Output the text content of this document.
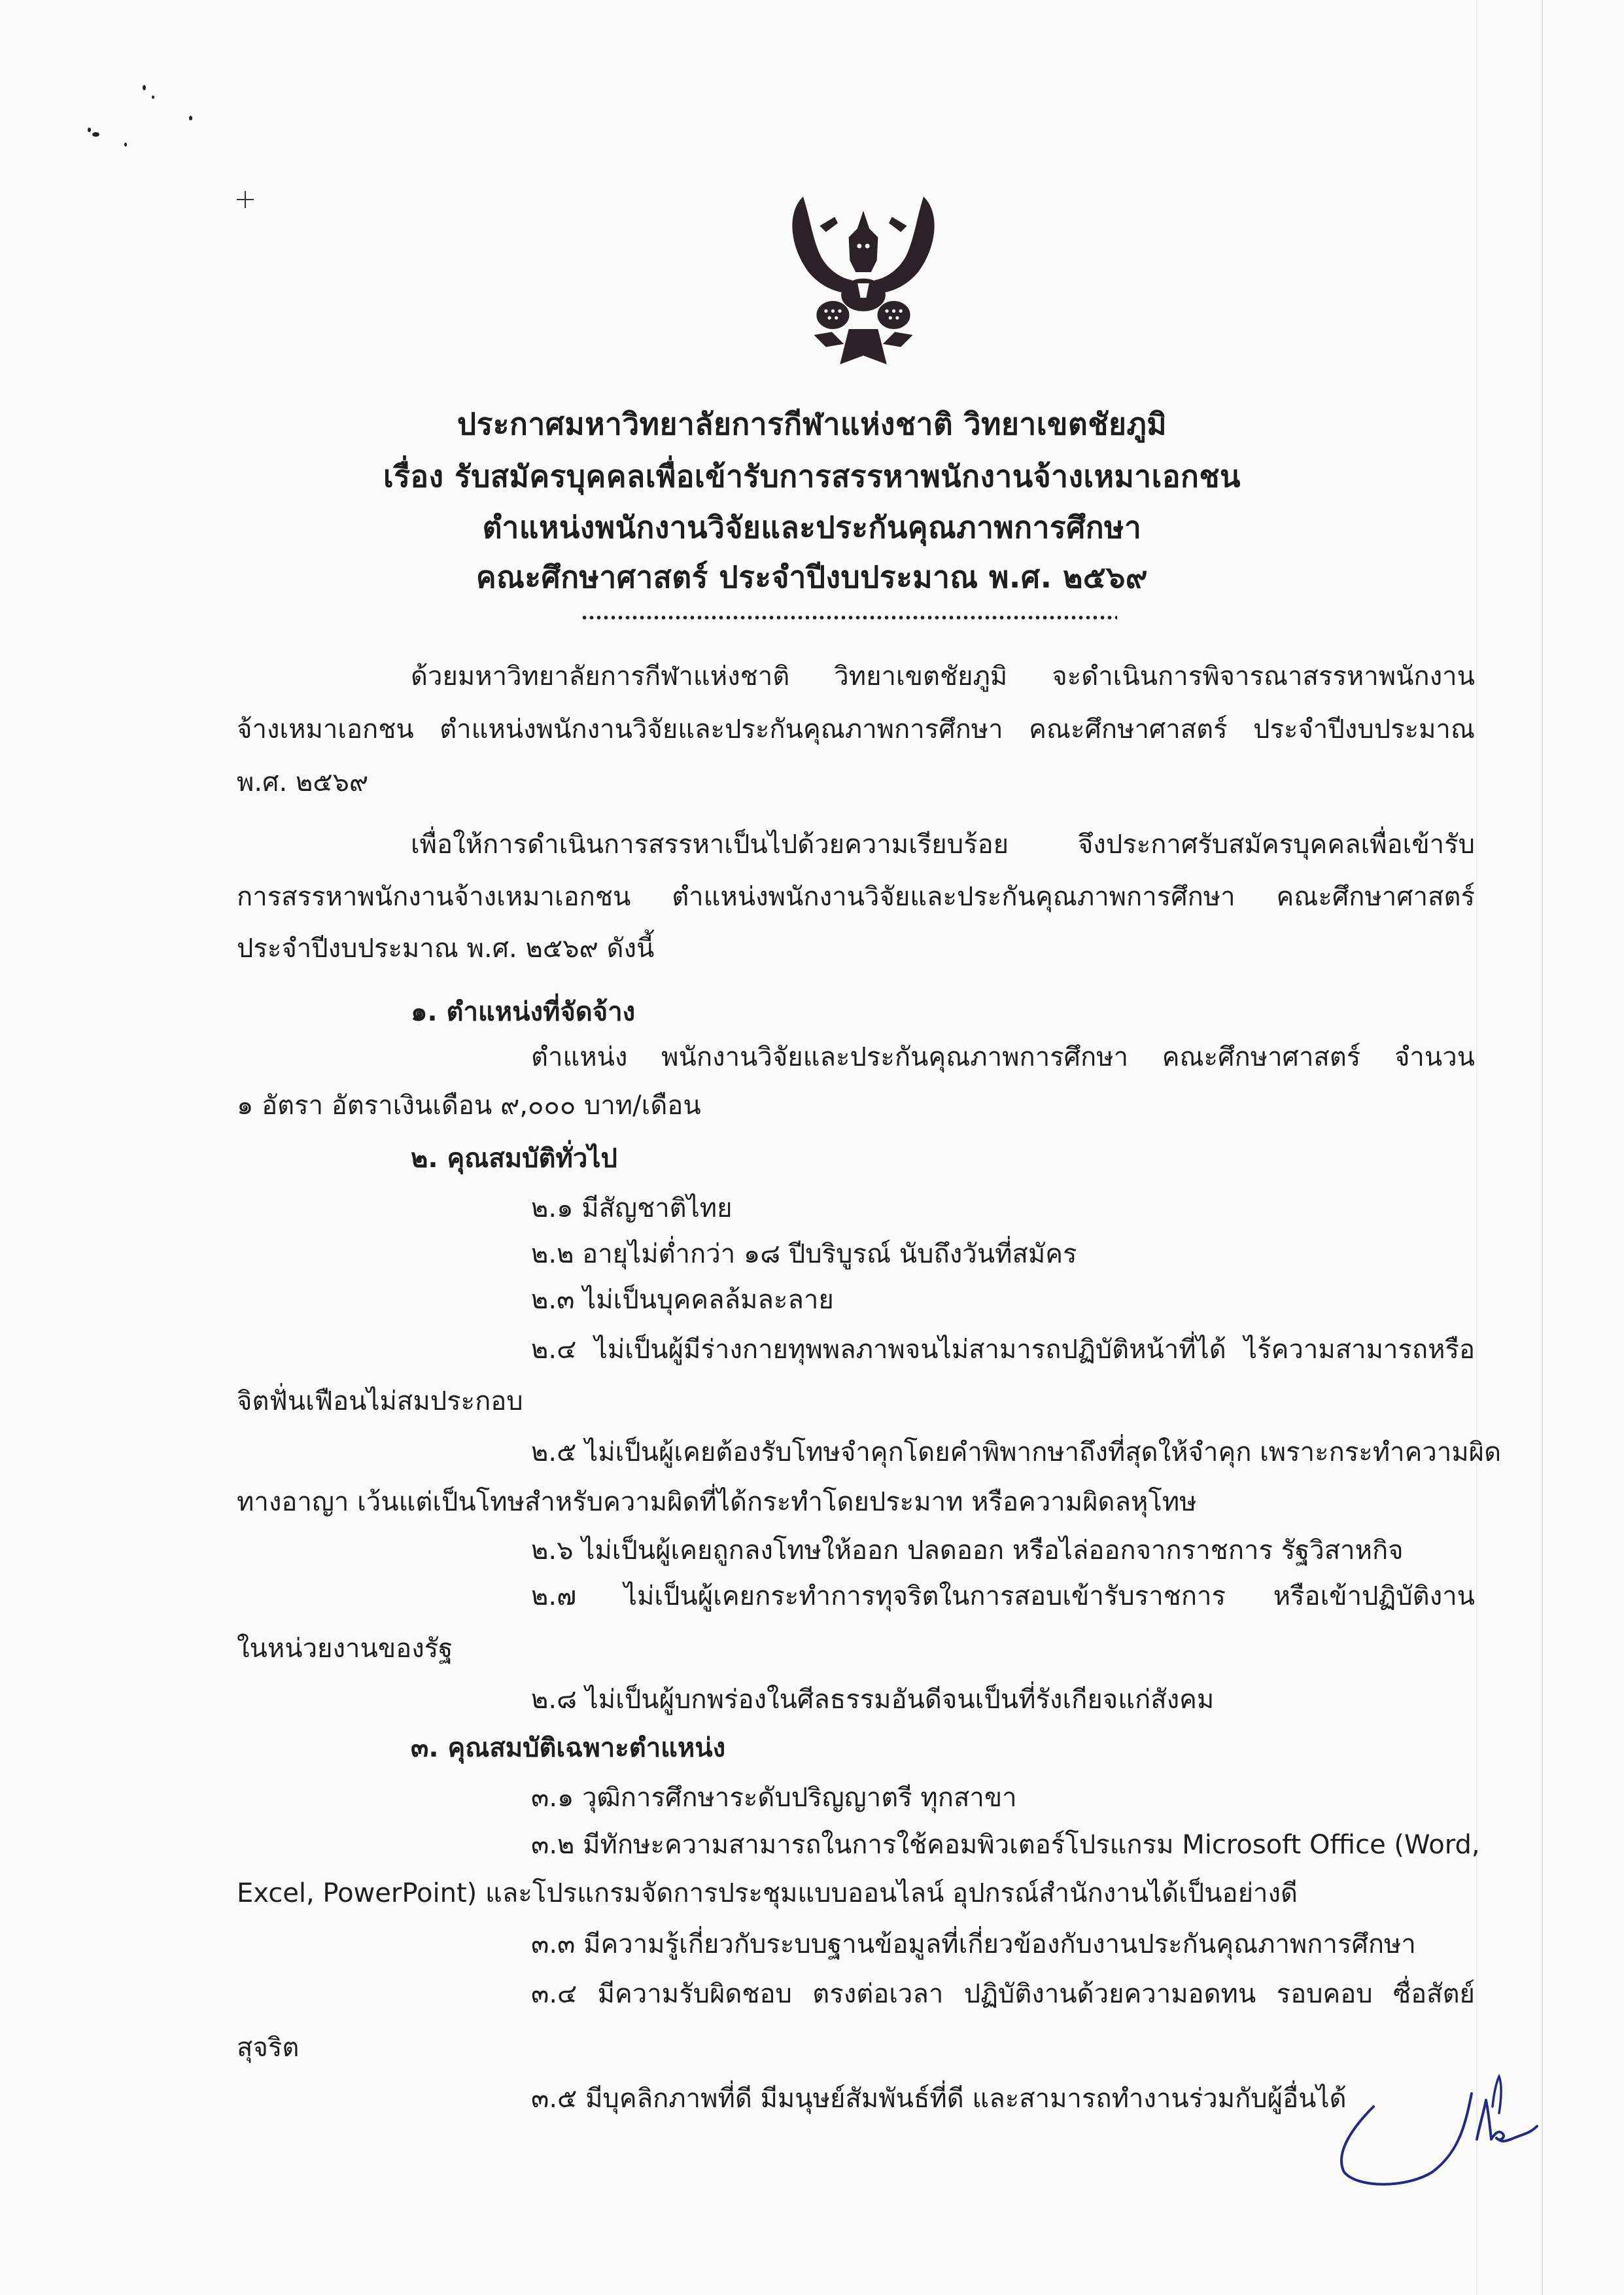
ประกาศมหาวิทยาลัยการกีฬาแห่งชาติ วิทยาเขตชัยภูมิ
เรื่อง รับสมัครบุคคลเพื่อเข้ารับการสรรหาพนักงานจ้างเหมาเอกชน
ตำแหน่งพนักงานวิจัยและประกันคุณภาพการศึกษา
คณะศึกษาศาสตร์ ประจำปีงบประมาณ พ.ศ. ๒๕๖๙
ด้วยมหาวิทยาลัยการกีฬาแห่งชาติ วิทยาเขตชัยภูมิ จะดำเนินการพิจารณาสรรหาพนักงาน
จ้างเหมาเอกชน ตำแหน่งพนักงานวิจัยและประกันคุณภาพการศึกษา คณะศึกษาศาสตร์ ประจำปีงบประมาณ
พ.ศ. ๒๕๖๙
เพื่อให้การดำเนินการสรรหาเป็นไปด้วยความเรียบร้อย จึงประกาศรับสมัครบุคคลเพื่อเข้ารับ
การสรรหาพนักงานจ้างเหมาเอกชน ตำแหน่งพนักงานวิจัยและประกันคุณภาพการศึกษา คณะศึกษาศาสตร์
ประจำปีงบประมาณ พ.ศ. ๒๕๖๙ ดังนี้
๑. ตำแหน่งที่จัดจ้าง
ตำแหน่ง พนักงานวิจัยและประกันคุณภาพการศึกษา คณะศึกษาศาสตร์ จำนวน
๑ อัตรา อัตราเงินเดือน ๙,๐๐๐ บาท/เดือน
๒. คุณสมบัติทั่วไป
๒.๑ มีสัญชาติไทย
๒.๒ อายุไม่ต่ำกว่า ๑๘ ปีบริบูรณ์ นับถึงวันที่สมัคร
๒.๓ ไม่เป็นบุคคลล้มละลาย
๒.๔ ไม่เป็นผู้มีร่างกายทุพพลภาพจนไม่สามารถปฏิบัติหน้าที่ได้ ไร้ความสามารถหรือ
จิตฟั่นเฟือนไม่สมประกอบ
๒.๕ ไม่เป็นผู้เคยต้องรับโทษจำคุกโดยคำพิพากษาถึงที่สุดให้จำคุก เพราะกระทำความผิด
ทางอาญา เว้นแต่เป็นโทษสำหรับความผิดที่ได้กระทำโดยประมาท หรือความผิดลหุโทษ
๒.๖ ไม่เป็นผู้เคยถูกลงโทษให้ออก ปลดออก หรือไล่ออกจากราชการ รัฐวิสาหกิจ
๒.๗ ไม่เป็นผู้เคยกระทำการทุจริตในการสอบเข้ารับราชการ หรือเข้าปฏิบัติงาน
ในหน่วยงานของรัฐ
๒.๘ ไม่เป็นผู้บกพร่องในศีลธรรมอันดีจนเป็นที่รังเกียจแก่สังคม
๓. คุณสมบัติเฉพาะตำแหน่ง
๓.๑ วุฒิการศึกษาระดับปริญญาตรี ทุกสาขา
๓.๒ มีทักษะความสามารถในการใช้คอมพิวเตอร์โปรแกรม Microsoft Office (Word,
Excel, PowerPoint) และโปรแกรมจัดการประชุมแบบออนไลน์ อุปกรณ์สำนักงานได้เป็นอย่างดี
๓.๓ มีความรู้เกี่ยวกับระบบฐานข้อมูลที่เกี่ยวข้องกับงานประกันคุณภาพการศึกษา
๓.๔ มีความรับผิดชอบ ตรงต่อเวลา ปฏิบัติงานด้วยความอดทน รอบคอบ ซื่อสัตย์
สุจริต
๓.๕ มีบุคลิกภาพที่ดี มีมนุษย์สัมพันธ์ที่ดี และสามารถทำงานร่วมกับผู้อื่นได้
